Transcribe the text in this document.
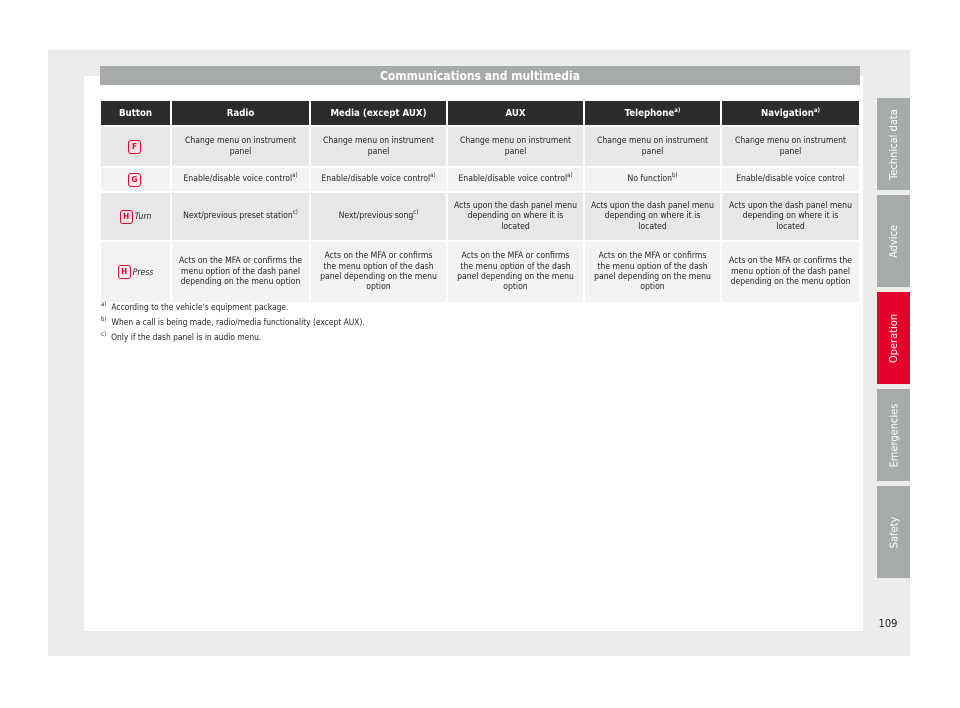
Communications and multimedia
Button	Radio	Media (except AUX)	AUX	Telephone$^{a)}$	Navigation$^{a)}$
F	Change menu on instrument panel	Change menu on instrument panel	Change menu on instrument panel	Change menu on instrument panel	Change menu on instrument panel
G	Enable/disable voice control$^{a)}$	Enable/disable voice control$^{a)}$	Enable/disable voice control$^{a)}$	No function$^{b)}$	Enable/disable voice control
H Turn	Next/previous preset station$^{c)}$	Next/previous song$^{c)}$	Acts upon the dash panel menu depending on where it is located	Acts upon the dash panel menu depending on where it is located	Acts upon the dash panel menu depending on where it is located
H Press	Acts on the MFA or confirms the menu option of the dash panel depending on the menu option	Acts on the MFA or confirms the menu option of the dash panel depending on the menu option	Acts on the MFA or confirms the menu option of the dash panel depending on the menu option	Acts on the MFA or confirms the menu option of the dash panel depending on the menu option	Acts on the MFA or confirms the menu option of the dash panel depending on the menu option
$^{a)}$ According to the vehicle's equipment package.
$^{b)}$ When a call is being made, radio/media functionality (except AUX).
$^{c)}$ Only if the dash panel is in audio menu.
Technical data
Advice
Operation
Emergencies
Safety
109
